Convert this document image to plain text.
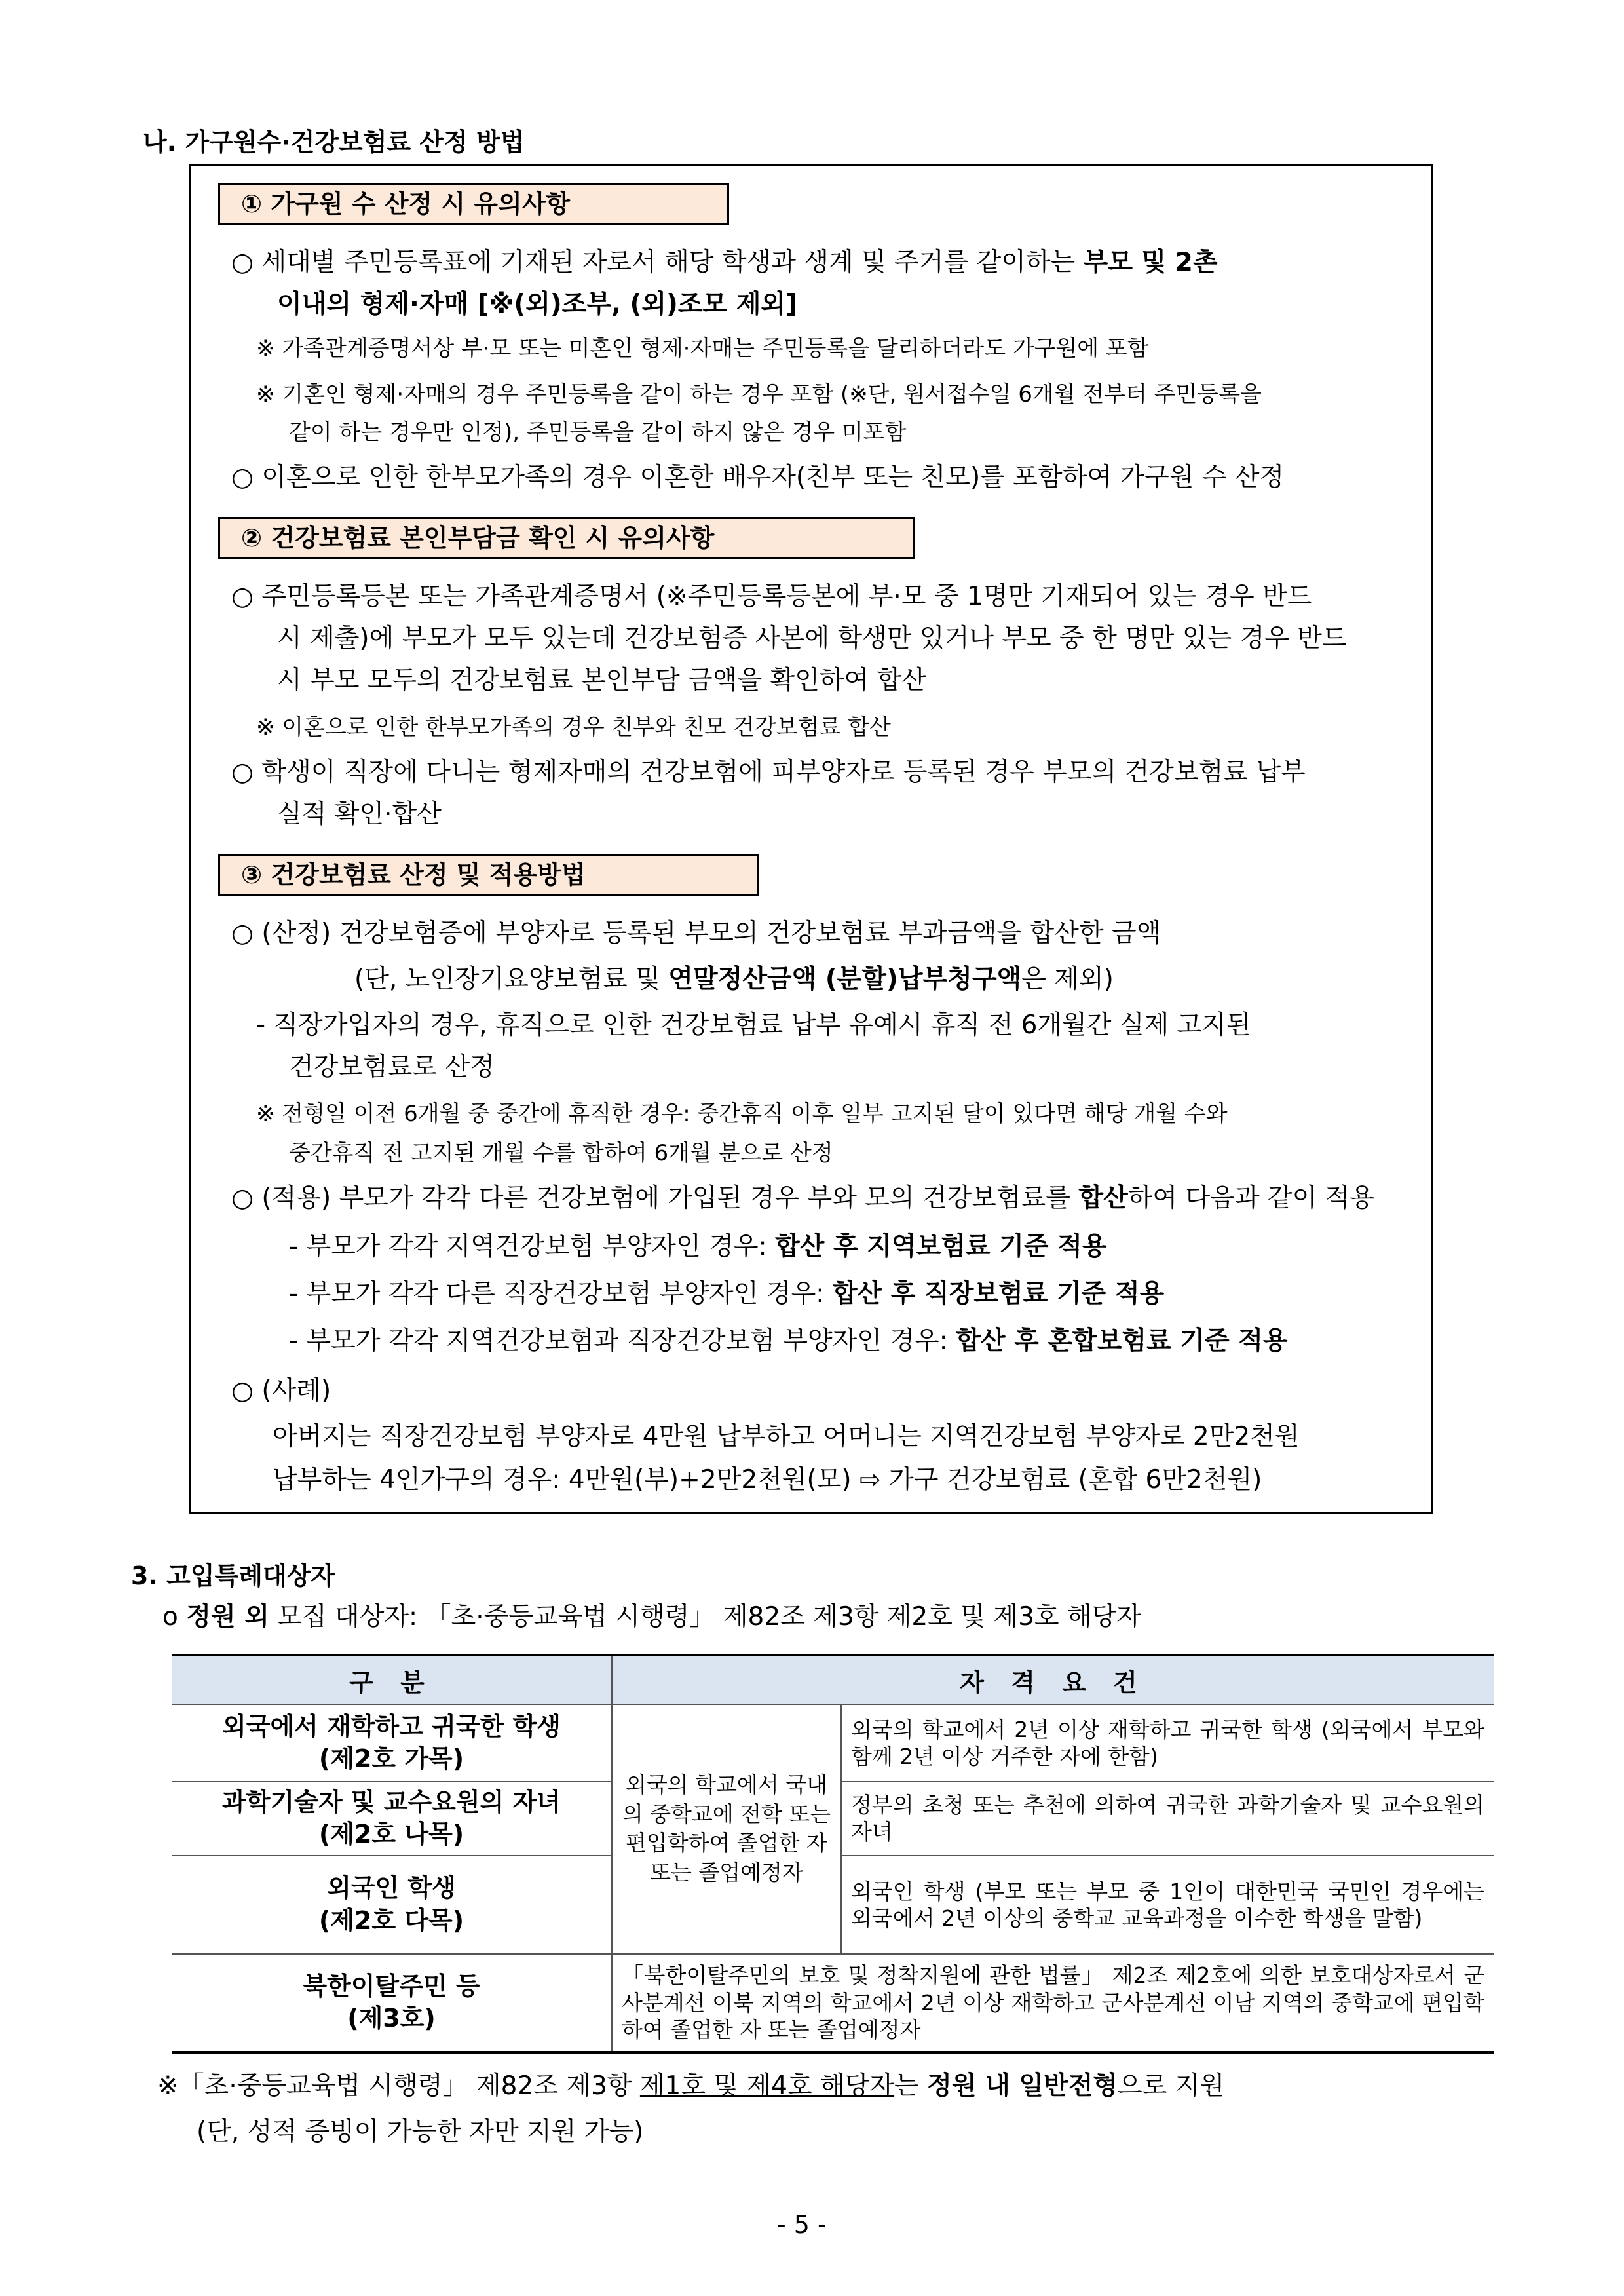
나. 가구원수·건강보험료 산정 방법
① 가구원 수 산정 시 유의사항
○ 세대별 주민등록표에 기재된 자로서 해당 학생과 생계 및 주거를 같이하는 부모 및 2촌
이내의 형제·자매 [※(외)조부, (외)조모 제외]
※ 가족관계증명서상 부·모 또는 미혼인 형제·자매는 주민등록을 달리하더라도 가구원에 포함
※ 기혼인 형제·자매의 경우 주민등록을 같이 하는 경우 포함 (※단, 원서접수일 6개월 전부터 주민등록을
같이 하는 경우만 인정), 주민등록을 같이 하지 않은 경우 미포함
○ 이혼으로 인한 한부모가족의 경우 이혼한 배우자(친부 또는 친모)를 포함하여 가구원 수 산정
② 건강보험료 본인부담금 확인 시 유의사항
○ 주민등록등본 또는 가족관계증명서 (※주민등록등본에 부·모 중 1명만 기재되어 있는 경우 반드
시 제출)에 부모가 모두 있는데 건강보험증 사본에 학생만 있거나 부모 중 한 명만 있는 경우 반드
시 부모 모두의 건강보험료 본인부담 금액을 확인하여 합산
※ 이혼으로 인한 한부모가족의 경우 친부와 친모 건강보험료 합산
○ 학생이 직장에 다니는 형제자매의 건강보험에 피부양자로 등록된 경우 부모의 건강보험료 납부
실적 확인·합산
③ 건강보험료 산정 및 적용방법
○ (산정) 건강보험증에 부양자로 등록된 부모의 건강보험료 부과금액을 합산한 금액
(단, 노인장기요양보험료 및 연말정산금액 (분할)납부청구액은 제외)
- 직장가입자의 경우, 휴직으로 인한 건강보험료 납부 유예시 휴직 전 6개월간 실제 고지된
건강보험료로 산정
※ 전형일 이전 6개월 중 중간에 휴직한 경우: 중간휴직 이후 일부 고지된 달이 있다면 해당 개월 수와
중간휴직 전 고지된 개월 수를 합하여 6개월 분으로 산정
○ (적용) 부모가 각각 다른 건강보험에 가입된 경우 부와 모의 건강보험료를 합산하여 다음과 같이 적용
- 부모가 각각 지역건강보험 부양자인 경우: 합산 후 지역보험료 기준 적용
- 부모가 각각 다른 직장건강보험 부양자인 경우: 합산 후 직장보험료 기준 적용
- 부모가 각각 지역건강보험과 직장건강보험 부양자인 경우: 합산 후 혼합보험료 기준 적용
○ (사례)
아버지는 직장건강보험 부양자로 4만원 납부하고 어머니는 지역건강보험 부양자로 2만2천원
납부하는 4인가구의 경우: 4만원(부)+2만2천원(모) ⇨ 가구 건강보험료 (혼합 6만2천원)
3. 고입특례대상자
o 정원 외 모집 대상자: 「초·중등교육법 시행령」 제82조 제3항 제2호 및 제3호 해당자
구 분	자 격 요 건	

외국에서 재학하고 귀국한 학생
(제2호 가목)	외국의 학교에서 국내의 중학교에 전학 또는 편입학하여 졸업한 자 또는 졸업예정자	외국의 학교에서 2년 이상 재학하고 귀국한 학생 (외국에서 부모와 함께 2년 이상 거주한 자에 한함)

과학기술자 및 교수요원의 자녀
(제2호 나목)		정부의 초청 또는 추천에 의하여 귀국한 과학기술자 및 교수요원의 자녀

외국인 학생
(제2호 다목)		외국인 학생 (부모 또는 부모 중 1인이 대한민국 국민인 경우에는 외국에서 2년 이상의 중학교 교육과정을 이수한 학생을 말함)

북한이탈주민 등
(제3호)	「북한이탈주민의 보호 및 정착지원에 관한 법률」 제2조 제2호에 의한 보호대상자로서 군사분계선 이북 지역의 학교에서 2년 이상 재학하고 군사분계선 이남 지역의 중학교에 편입학하여 졸업한 자 또는 졸업예정자	
※「초·중등교육법 시행령」 제82조 제3항 제1호 및 제4호 해당자는 정원 내 일반전형으로 지원
(단, 성적 증빙이 가능한 자만 지원 가능)
- 5 -
